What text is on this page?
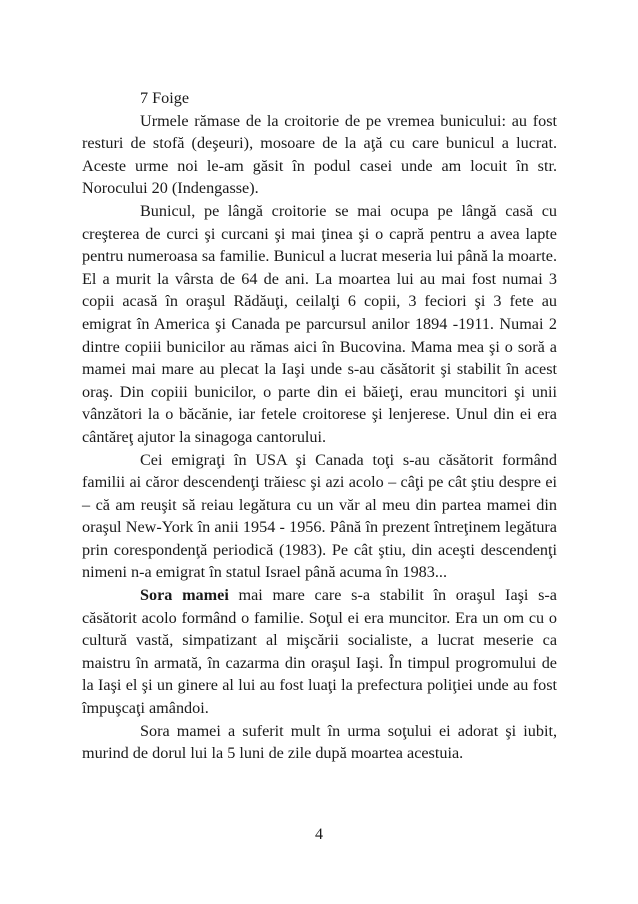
7 Foige

Urmele rămase de la croitorie de pe vremea bunicului: au fost resturi de stofă (deşeuri), mosoare de la aţă cu care bunicul a lucrat. Aceste urme noi le-am găsit în podul casei unde am locuit în str. Norocului 20 (Indengasse).

Bunicul, pe lângă croitorie se mai ocupa pe lângă casă cu creşterea de curci şi curcani şi mai ţinea şi o capră pentru a avea lapte pentru numeroasa sa familie. Bunicul a lucrat meseria lui până la moarte. El a murit la vârsta de 64 de ani. La moartea lui au mai fost numai 3 copii acasă în oraşul Rădăuţi, ceilalţi 6 copii, 3 feciori şi 3 fete au emigrat în America şi Canada pe parcursul anilor 1894 -1911. Numai 2 dintre copiii bunicilor au rămas aici în Bucovina. Mama mea şi o soră a mamei mai mare au plecat la Iaşi unde s-au căsătorit şi stabilit în acest oraş. Din copiii bunicilor, o parte din ei băieţi, erau muncitori şi unii vânzători la o băcănie, iar fetele croitorese şi lenjerese. Unul din ei era cântăreţ ajutor la sinagoga cantorului.

Cei emigraţi în USA şi Canada toţi s-au căsătorit formând familii ai căror descendenţi trăiesc şi azi acolo – câţi pe cât ştiu despre ei – că am reuşit să reiau legătura cu un văr al meu din partea mamei din oraşul New-York în anii 1954 - 1956. Până în prezent întreţinem legătura prin corespondenţă periodică (1983). Pe cât ştiu, din aceşti descendenţi nimeni n-a emigrat în statul Israel până acuma în 1983...

Sora mamei mai mare care s-a stabilit în oraşul Iaşi s-a căsătorit acolo formând o familie. Soţul ei era muncitor. Era un om cu o cultură vastă, simpatizant al mişcării socialiste, a lucrat meserie ca maistru în armată, în cazarma din oraşul Iaşi. În timpul progromului de la Iaşi el şi un ginere al lui au fost luaţi la prefectura poliţiei unde au fost împuşcaţi amândoi.

Sora mamei a suferit mult în urma soţului ei adorat şi iubit, murind de dorul lui la 5 luni de zile după moartea acestuia.

4
